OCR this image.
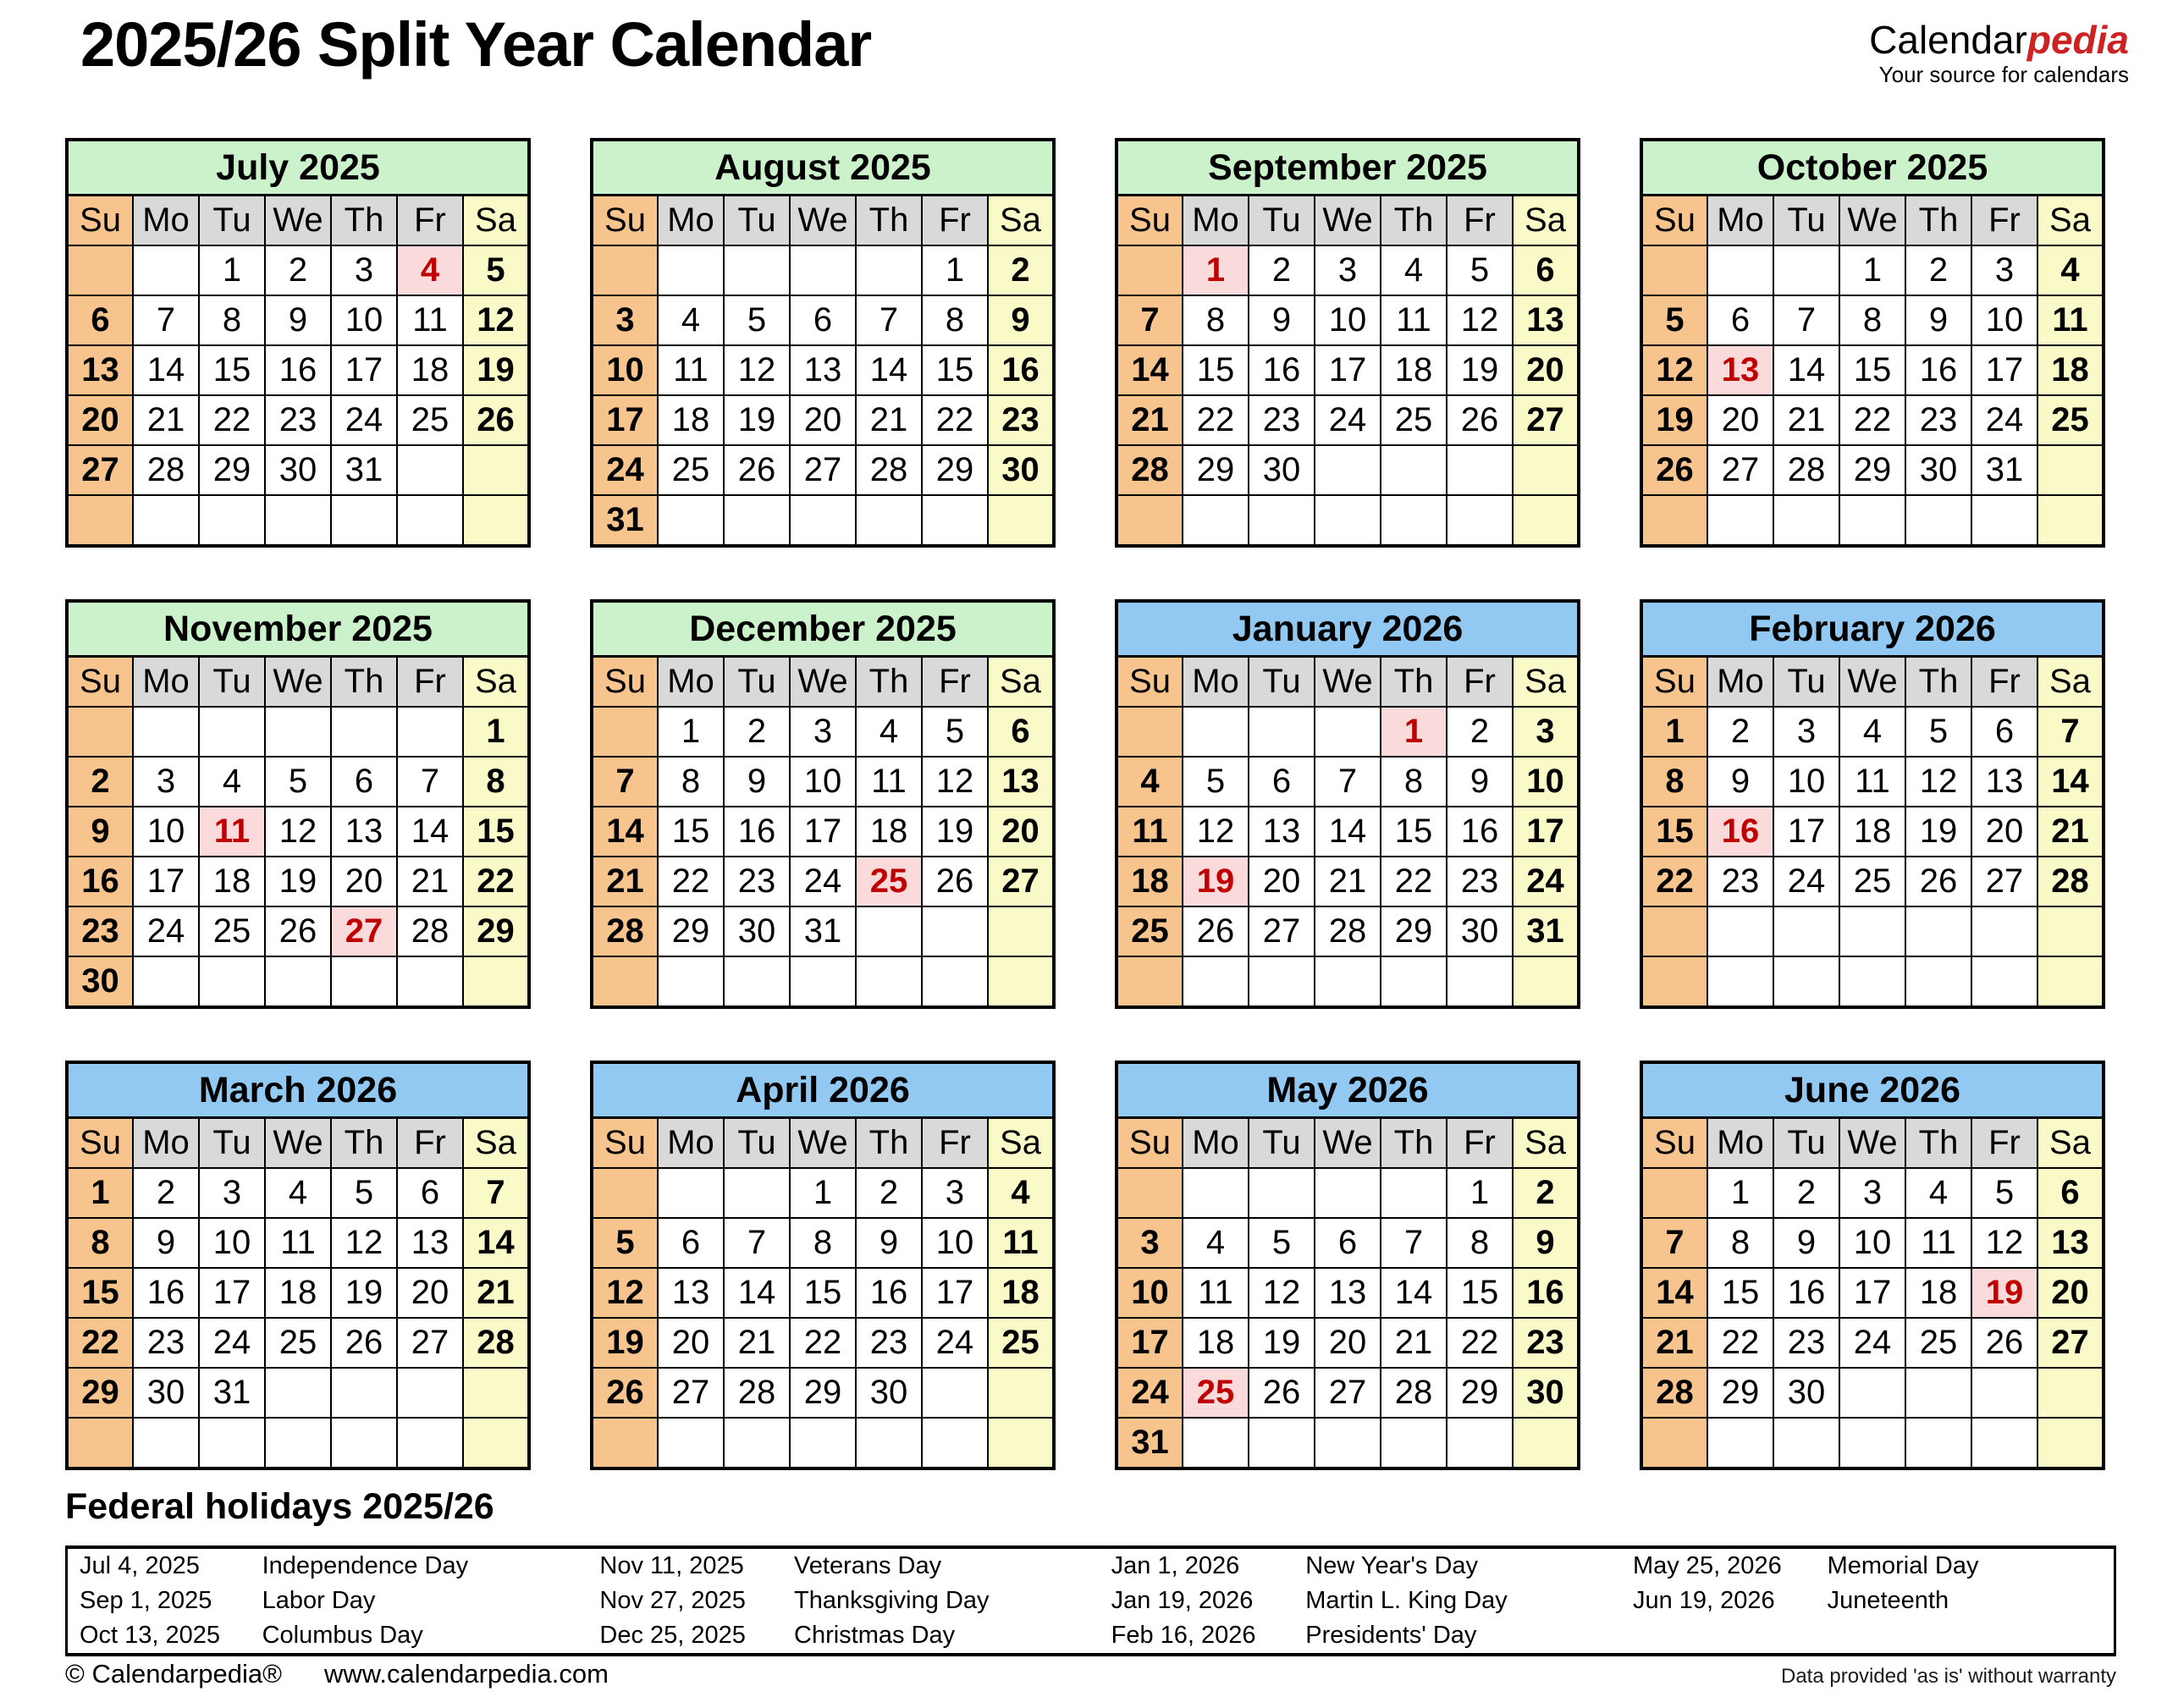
2025/26 Split Year Calendar	Calendarpedia
Your source for calendars
July 2025						
Su	Mo	Tu	We	Th	Fr	Sa
		1	2	3	4	5
6	7	8	9	10	11	12
13	14	15	16	17	18	19
20	21	22	23	24	25	26
27	28	29	30	31		

August 2025						
Su	Mo	Tu	We	Th	Fr	Sa
					1	2
3	4	5	6	7	8	9
10	11	12	13	14	15	16
17	18	19	20	21	22	23
24	25	26	27	28	29	30
31						
September 2025						
Su	Mo	Tu	We	Th	Fr	Sa
	1	2	3	4	5	6
7	8	9	10	11	12	13
14	15	16	17	18	19	20
21	22	23	24	25	26	27
28	29	30				

October 2025						
Su	Mo	Tu	We	Th	Fr	Sa
			1	2	3	4
5	6	7	8	9	10	11
12	13	14	15	16	17	18
19	20	21	22	23	24	25
26	27	28	29	30	31	

November 2025						
Su	Mo	Tu	We	Th	Fr	Sa
						1
2	3	4	5	6	7	8
9	10	11	12	13	14	15
16	17	18	19	20	21	22
23	24	25	26	27	28	29
30						
December 2025						
Su	Mo	Tu	We	Th	Fr	Sa
	1	2	3	4	5	6
7	8	9	10	11	12	13
14	15	16	17	18	19	20
21	22	23	24	25	26	27
28	29	30	31			

January 2026						
Su	Mo	Tu	We	Th	Fr	Sa
				1	2	3
4	5	6	7	8	9	10
11	12	13	14	15	16	17
18	19	20	21	22	23	24
25	26	27	28	29	30	31

February 2026						
Su	Mo	Tu	We	Th	Fr	Sa
1	2	3	4	5	6	7
8	9	10	11	12	13	14
15	16	17	18	19	20	21
22	23	24	25	26	27	28

March 2026						
Su	Mo	Tu	We	Th	Fr	Sa
1	2	3	4	5	6	7
8	9	10	11	12	13	14
15	16	17	18	19	20	21
22	23	24	25	26	27	28
29	30	31				

April 2026						
Su	Mo	Tu	We	Th	Fr	Sa
			1	2	3	4
5	6	7	8	9	10	11
12	13	14	15	16	17	18
19	20	21	22	23	24	25
26	27	28	29	30		

May 2026						
Su	Mo	Tu	We	Th	Fr	Sa
					1	2
3	4	5	6	7	8	9
10	11	12	13	14	15	16
17	18	19	20	21	22	23
24	25	26	27	28	29	30
31						
June 2026						
Su	Mo	Tu	We	Th	Fr	Sa
	1	2	3	4	5	6
7	8	9	10	11	12	13
14	15	16	17	18	19	20
21	22	23	24	25	26	27
28	29	30				

Federal holidays 2025/26
Jul 4, 2025	Independence Day	Nov 11, 2025	Veterans Day	Jan 1, 2026	New Year's Day	May 25, 2026	Memorial Day
Sep 1, 2025	Labor Day	Nov 27, 2025	Thanksgiving Day	Jan 19, 2026	Martin L. King Day	Jun 19, 2026	Juneteenth
Oct 13, 2025	Columbus Day	Dec 25, 2025	Christmas Day	Feb 16, 2026	Presidents' Day		
© Calendarpedia® www.calendarpedia.com	Data provided 'as is' without warranty
